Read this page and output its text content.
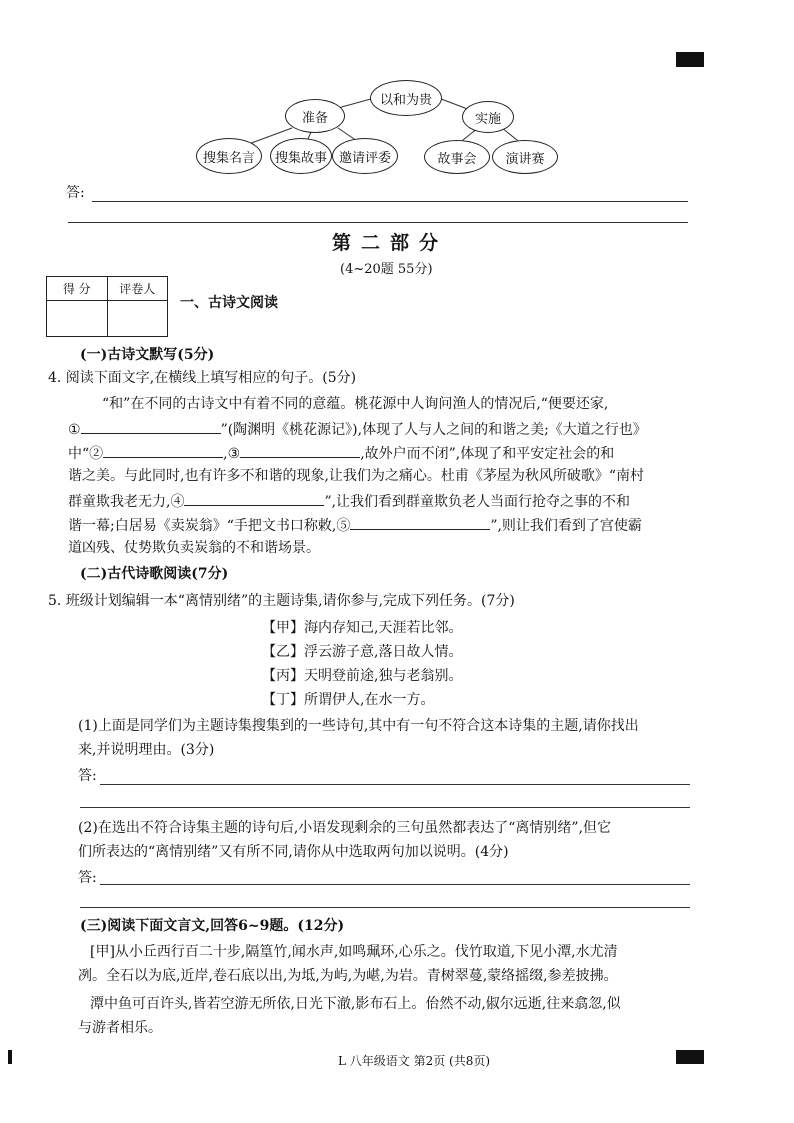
以和为贵
准备	实施
搜集名言	搜集故事 邀请评委	故事会	演讲赛
答:
第二部分
(4~20题 55分)
得 分	评卷人

一、古诗文阅读
(一)古诗文默写(5分)
4. 阅读下面文字,在横线上填写相应的句子。(5分)
“和”在不同的古诗文中有着不同的意蕴。桃花源中人询问渔人的情况后,“便要还家,
①	”(陶渊明《桃花源记》),体现了人与人之间的和谐之美;《大道之行也》
中“②	,③	,故外户而不闭”,体现了和平安定社会的和
谐之美。与此同时,也有许多不和谐的现象,让我们为之痛心。杜甫《茅屋为秋风所破歌》“南村
群童欺我老无力,④	”,让我们看到群童欺负老人当面行抢夺之事的不和
谐一幕;白居易《卖炭翁》“手把文书口称敕,⑤	”,则让我们看到了宫使霸
道凶残、仗势欺负卖炭翁的不和谐场景。
(二)古代诗歌阅读(7分)
5. 班级计划编辑一本“离情别绪”的主题诗集,请你参与,完成下列任务。(7分)
【甲】海内存知己,天涯若比邻。
【乙】浮云游子意,落日故人情。
【丙】天明登前途,独与老翁别。
【丁】所谓伊人,在水一方。
(1)上面是同学们为主题诗集搜集到的一些诗句,其中有一句不符合这本诗集的主题,请你找出
来,并说明理由。(3分)
答:
(2)在选出不符合诗集主题的诗句后,小语发现剩余的三句虽然都表达了“离情别绪”,但它
们所表达的“离情别绪”又有所不同,请你从中选取两句加以说明。(4分)
答:
(三)阅读下面文言文,回答6~9题。(12分)
[甲]从小丘西行百二十步,隔篁竹,闻水声,如鸣珮环,心乐之。伐竹取道,下见小潭,水尤清
冽。全石以为底,近岸,卷石底以出,为坻,为屿,为嵁,为岩。青树翠蔓,蒙络摇缀,参差披拂。
潭中鱼可百许头,皆若空游无所依,日光下澈,影布石上。佁然不动,俶尔远逝,往来翕忽,似
与游者相乐。
L 八年级语文 第2页 (共8页)
